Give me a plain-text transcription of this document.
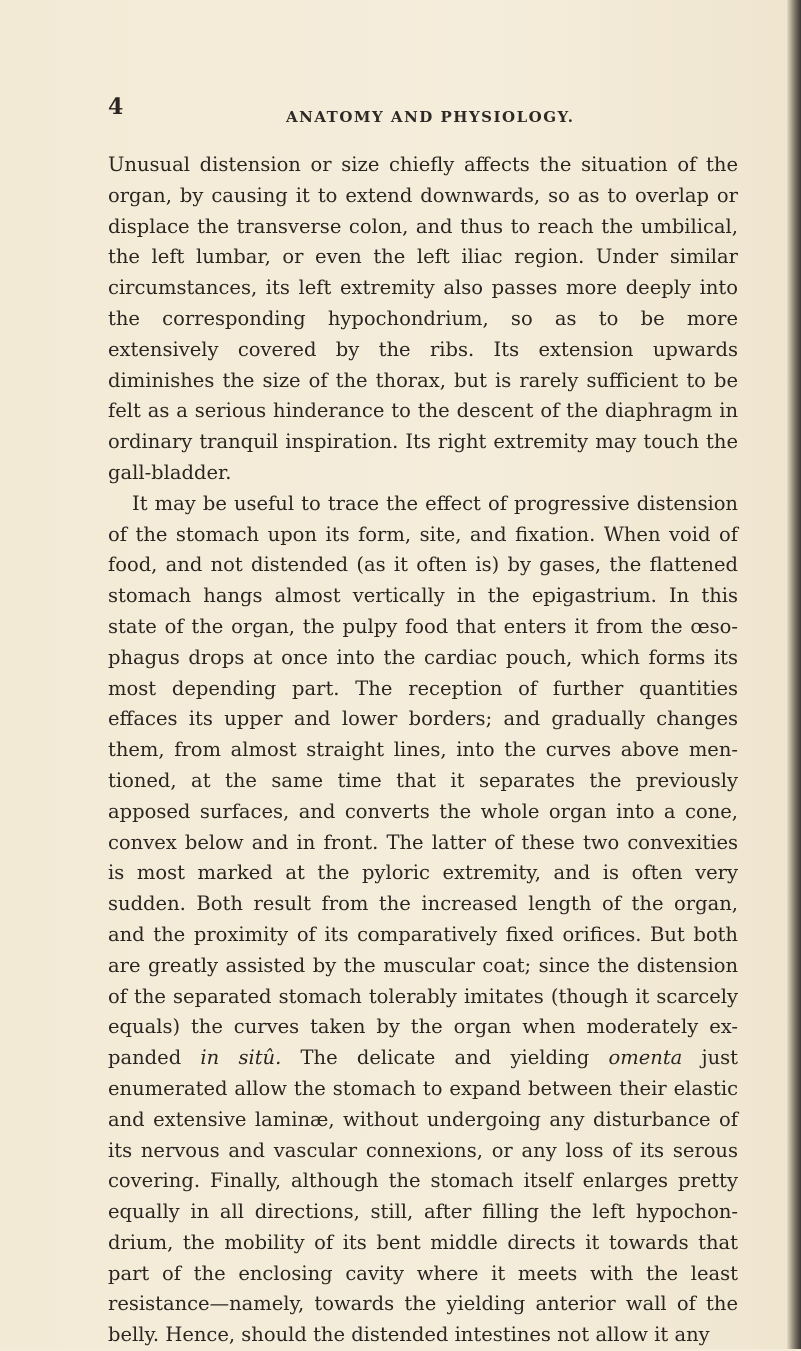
4	ANATOMY AND PHYSIOLOGY.

Unusual distension or size chiefly affects the situation of the organ, by causing it to extend downwards, so as to overlap or displace the transverse colon, and thus to reach the umbilical, the left lumbar, or even the left iliac region. Under similar circumstances, its left extremity also passes more deeply into the corresponding hypochondrium, so as to be more extensively covered by the ribs. Its extension upwards diminishes the size of the thorax, but is rarely sufficient to be felt as a serious hinderance to the descent of the diaphragm in ordinary tranquil inspiration. Its right extremity may touch the gall-bladder.

It may be useful to trace the effect of progressive distension of the stomach upon its form, site, and fixation. When void of food, and not distended (as it often is) by gases, the flattened stomach hangs almost vertically in the epigastrium. In this state of the organ, the pulpy food that enters it from the œso-phagus drops at once into the cardiac pouch, which forms its most depending part. The reception of further quantities effaces its upper and lower borders; and gradually changes them, from almost straight lines, into the curves above men-tioned, at the same time that it separates the previously apposed surfaces, and converts the whole organ into a cone, convex below and in front. The latter of these two convexities is most marked at the pyloric extremity, and is often very sudden. Both result from the increased length of the organ, and the proximity of its comparatively fixed orifices. But both are greatly assisted by the muscular coat; since the distension of the separated stomach tolerably imitates (though it scarcely equals) the curves taken by the organ when moderately ex-panded in sitû. The delicate and yielding omenta just enumerated allow the stomach to expand between their elastic and extensive laminæ, without undergoing any disturbance of its nervous and vascular connexions, or any loss of its serous covering. Finally, although the stomach itself enlarges pretty equally in all directions, still, after filling the left hypochon-drium, the mobility of its bent middle directs it towards that part of the enclosing cavity where it meets with the least resistance—namely, towards the yielding anterior wall of the belly. Hence, should the distended intestines not allow it any
